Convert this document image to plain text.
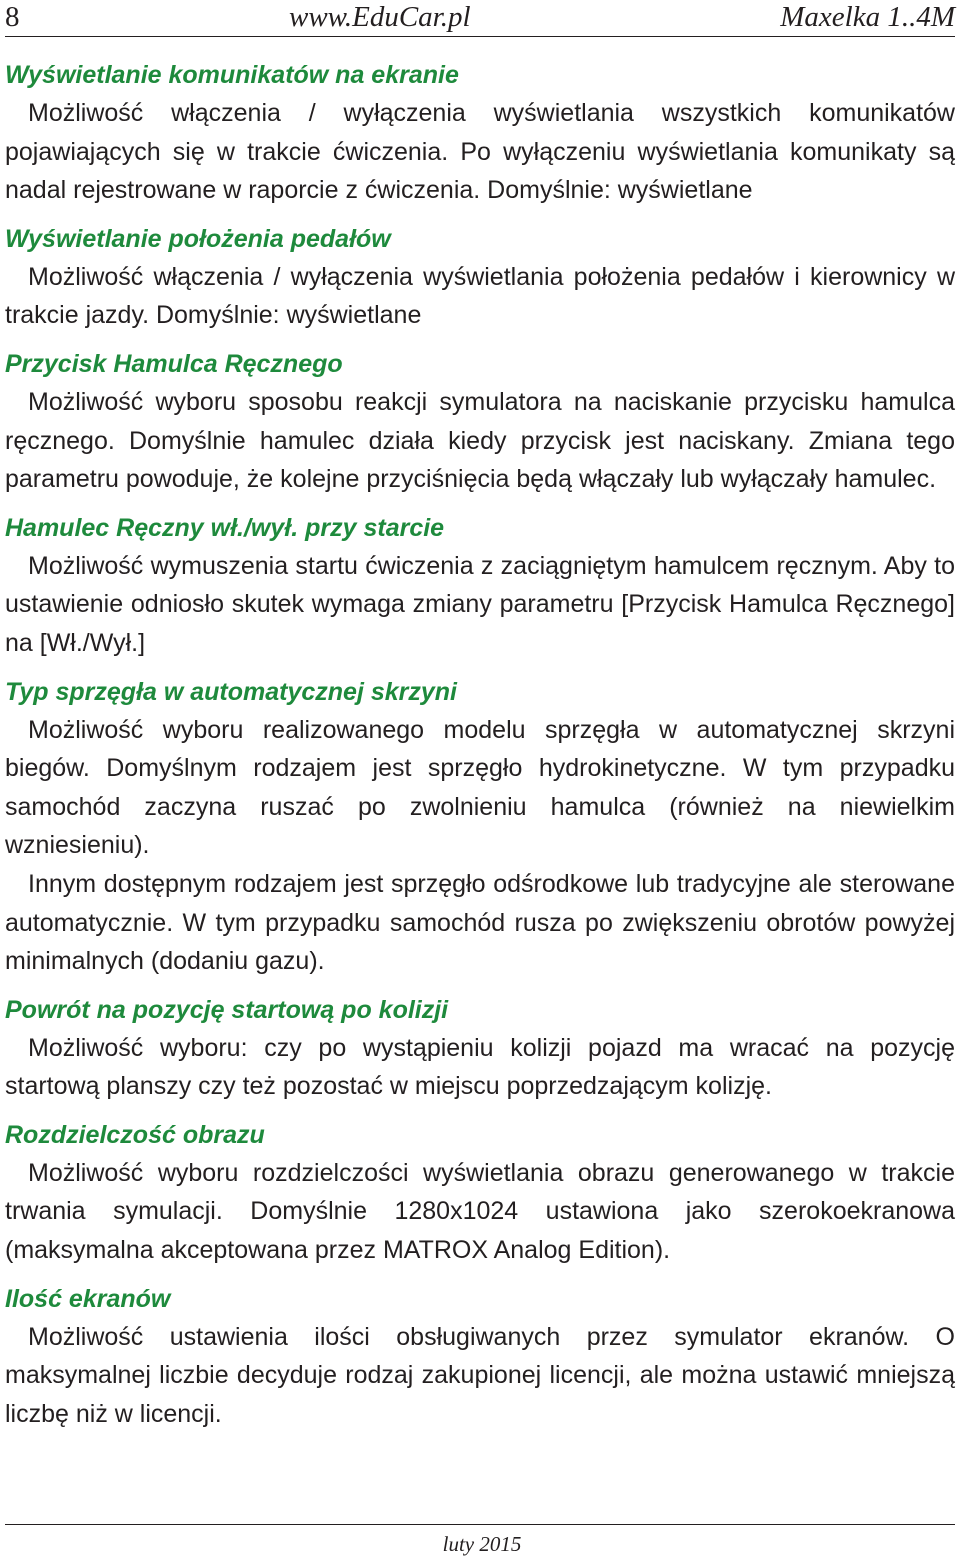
8	www.EduCar.pl	Maxelka 1..4M
Wyświetlanie komunikatów na ekranie

Możliwość włączenia / wyłączenia wyświetlania wszystkich komunikatów pojawiających się w trakcie ćwiczenia. Po wyłączeniu wyświetlania komunikaty są nadal rejestrowane w raporcie z ćwiczenia. Domyślnie: wyświetlane

Wyświetlanie położenia pedałów

Możliwość włączenia / wyłączenia wyświetlania położenia pedałów i kierownicy w trakcie jazdy. Domyślnie: wyświetlane

Przycisk Hamulca Ręcznego

Możliwość wyboru sposobu reakcji symulatora na naciskanie przycisku hamulca ręcznego. Domyślnie hamulec działa kiedy przycisk jest naciskany. Zmiana tego parametru powoduje, że kolejne przyciśnięcia będą włączały lub wyłączały hamulec.

Hamulec Ręczny wł./wył. przy starcie

Możliwość wymuszenia startu ćwiczenia z zaciągniętym hamulcem ręcznym. Aby to ustawienie odniosło skutek wymaga zmiany parametru [Przycisk Hamulca Ręcznego] na [Wł./Wył.]

Typ sprzęgła w automatycznej skrzyni

Możliwość wyboru realizowanego modelu sprzęgła w automatycznej skrzyni biegów. Domyślnym rodzajem jest sprzęgło hydrokinetyczne. W tym przypadku samochód zaczyna ruszać po zwolnieniu hamulca (również na niewielkim wzniesieniu).

Innym dostępnym rodzajem jest sprzęgło odśrodkowe lub tradycyjne ale sterowane automatycznie. W tym przypadku samochód rusza po zwiększeniu obrotów powyżej minimalnych (dodaniu gazu).

Powrót na pozycję startową po kolizji

Możliwość wyboru: czy po wystąpieniu kolizji pojazd ma wracać na pozycję startową planszy czy też pozostać w miejscu poprzedzającym kolizję.

Rozdzielczość obrazu

Możliwość wyboru rozdzielczości wyświetlania obrazu generowanego w trakcie trwania symulacji. Domyślnie 1280x1024 ustawiona jako szerokoekranowa (maksymalna akceptowana przez MATROX Analog Edition).

Ilość ekranów

Możliwość ustawienia ilości obsługiwanych przez symulator ekranów. O maksymalnej liczbie decyduje rodzaj zakupionej licencji, ale można ustawić mniejszą liczbę niż w licencji.

luty 2015
